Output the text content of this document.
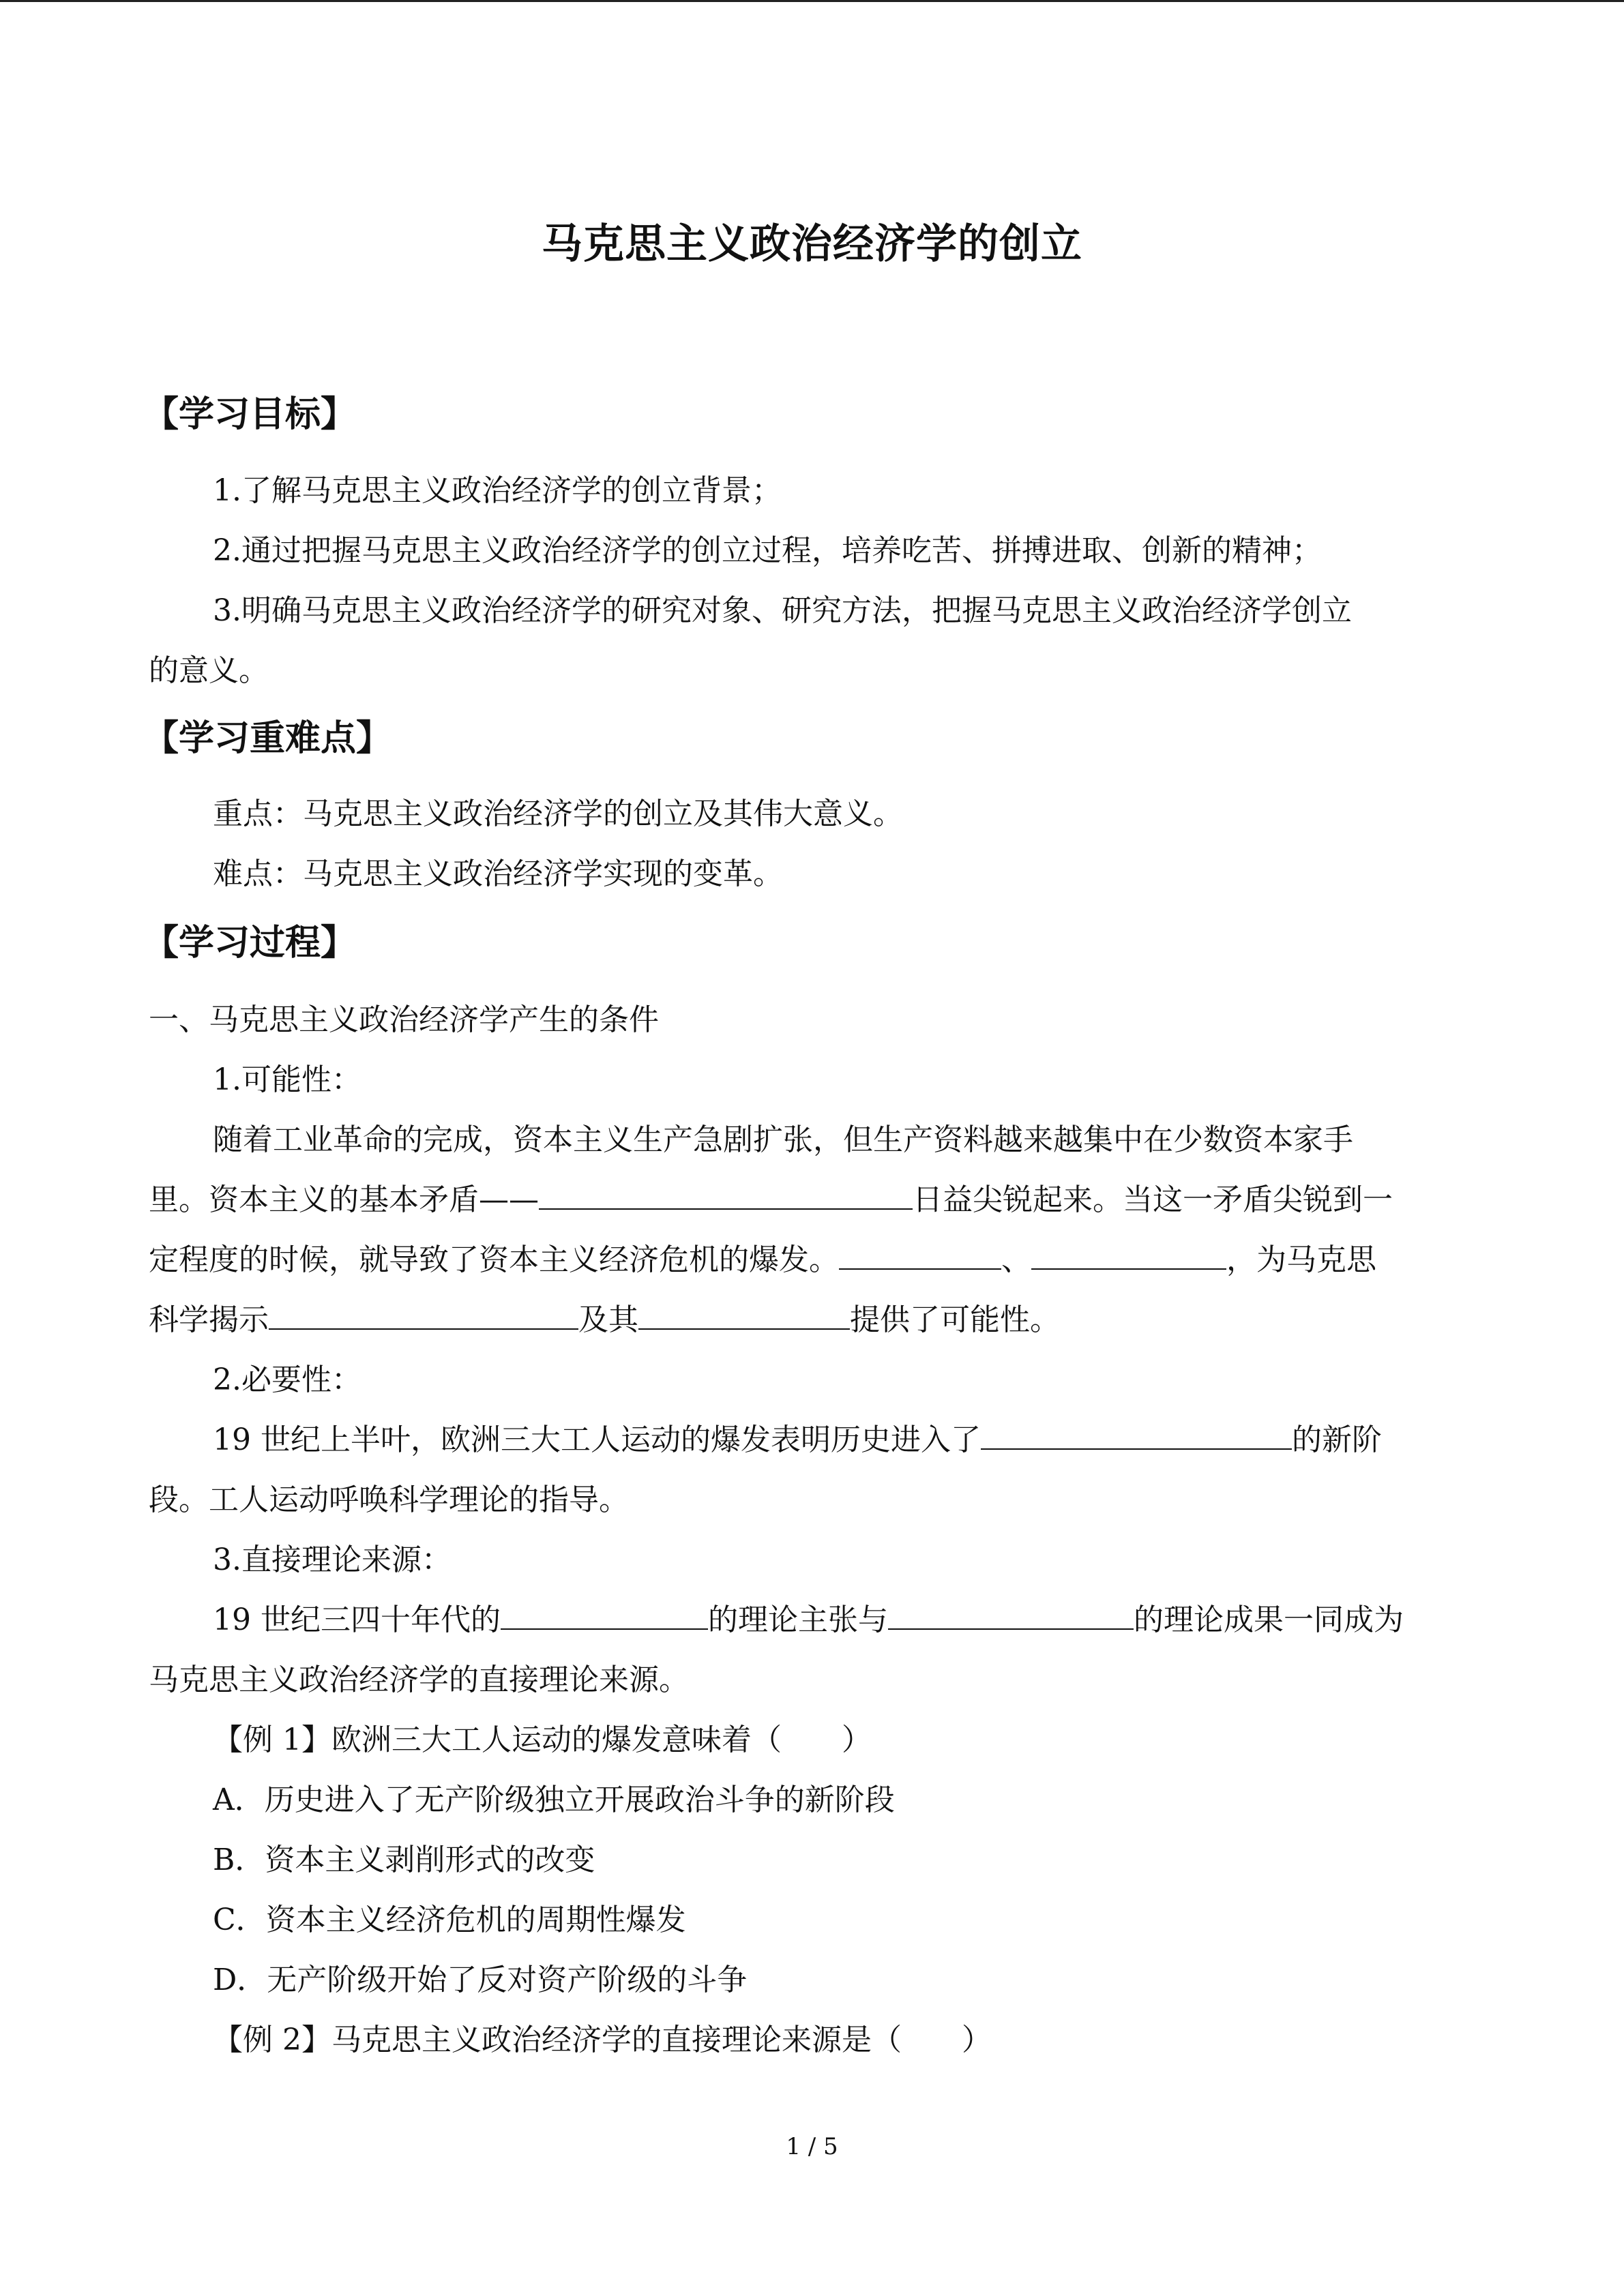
马克思主义政治经济学的创立
【学习目标】
1.了解马克思主义政治经济学的创立背景；
2.通过把握马克思主义政治经济学的创立过程，培养吃苦、拼搏进取、创新的精神；
3.明确马克思主义政治经济学的研究对象、研究方法，把握马克思主义政治经济学创立
的意义。
【学习重难点】
重点：马克思主义政治经济学的创立及其伟大意义。
难点：马克思主义政治经济学实现的变革。
【学习过程】
一、马克思主义政治经济学产生的条件
1.可能性：
随着工业革命的完成，资本主义生产急剧扩张，但生产资料越来越集中在少数资本家手
里。资本主义的基本矛盾——	日益尖锐起来。当这一矛盾尖锐到一
定程度的时候，就导致了资本主义经济危机的爆发。	、	，为马克思
科学揭示	及其	提供了可能性。
2.必要性：
19 世纪上半叶，欧洲三大工人运动的爆发表明历史进入了	的新阶
段。工人运动呼唤科学理论的指导。
3.直接理论来源：
19 世纪三四十年代的	的理论主张与	的理论成果一同成为
马克思主义政治经济学的直接理论来源。
【例 1】欧洲三大工人运动的爆发意味着（　　）
A．历史进入了无产阶级独立开展政治斗争的新阶段
B．资本主义剥削形式的改变
C．资本主义经济危机的周期性爆发
D．无产阶级开始了反对资产阶级的斗争
【例 2】马克思主义政治经济学的直接理论来源是（　　）
1 / 5
